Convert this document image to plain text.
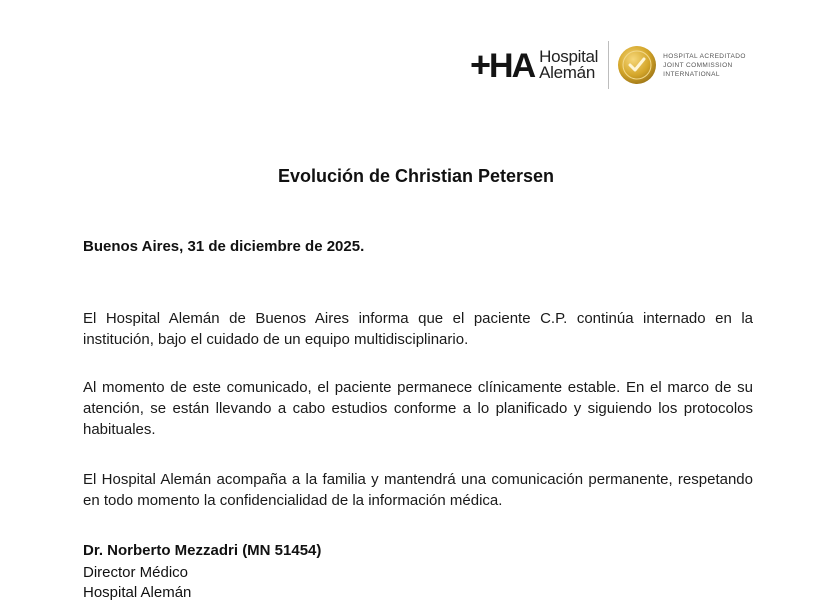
+HA Hospital
Alemán
HOSPITAL ACREDITADO
JOINT COMMISSION
INTERNATIONAL
Evolución de Christian Petersen
Buenos Aires, 31 de diciembre de 2025.
El Hospital Alemán de Buenos Aires informa que el paciente C.P. continúa internado en la institución, bajo el cuidado de un equipo multidisciplinario.
Al momento de este comunicado, el paciente permanece clínicamente estable. En el marco de su atención, se están llevando a cabo estudios conforme a lo planificado y siguiendo los protocolos habituales.
El Hospital Alemán acompaña a la familia y mantendrá una comunicación permanente, respetando en todo momento la confidencialidad de la información médica.
Dr. Norberto Mezzadri (MN 51454)
Director Médico
Hospital Alemán
